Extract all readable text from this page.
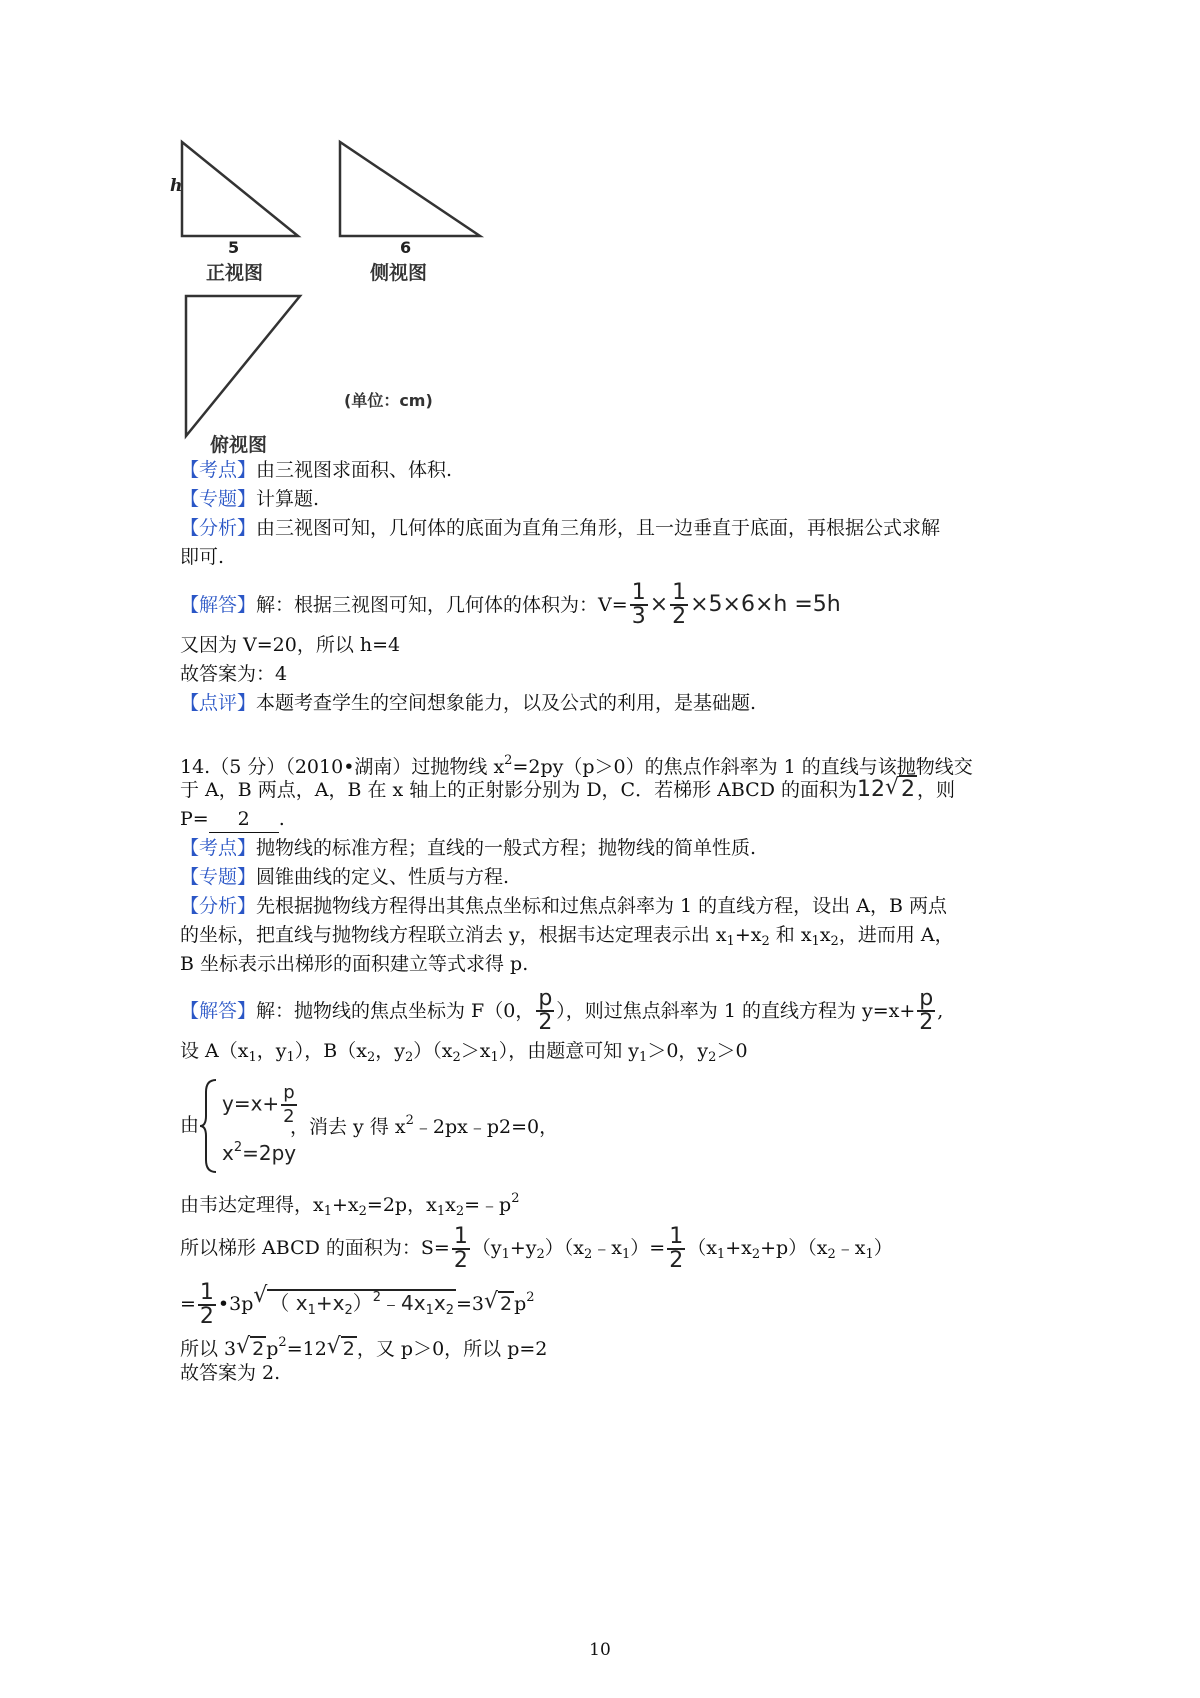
h
5	6
正视图	侧视图
(单位：cm)
俯视图
【考点】由三视图求面积、体积.
【专题】计算题.
【分析】由三视图可知，几何体的底面为直角三角形，且一边垂直于底面，再根据公式求解
即可.
【解答】解：根据三视图可知，几何体的体积为：$V= \frac{1}{3} \times \frac{1}{2} \times 5\times 6\times h =5h$
又因为 V=20，所以 h=4
故答案为：4
【点评】本题考查学生的空间想象能力，以及公式的利用，是基础题.
14.（5 分）（2010•湖南）过抛物线 $x^2=2py(p>0)$的焦点作斜率为 1 的直线与该抛物线交
于 A，B 两点，A，B 在 x 轴上的正射影分别为 D，C．若梯形 ABCD 的面积为12√ 2 ，则
P= 2 .
【考点】抛物线的标准方程；直线的一般式方程；抛物线的简单性质.
【专题】圆锥曲线的定义、性质与方程.
【分析】先根据抛物线方程得出其焦点坐标和过焦点斜率为 1 的直线方程，设出 A，B 两点
的坐标，把直线与抛物线方程联立消去 y，根据韦达定理表示出 $x_1+x_2$ 和 $x_1x_2$，进而用 A，
B 坐标表示出梯形的面积建立等式求得 p.
【解答】解：抛物线的焦点坐标为 F（0， $\frac{p}{2}$ ），则过焦点斜率为 1 的直线方程为 $y=x+ \frac{p}{2}$ ,
设 $A(x_1$，$y_1$），$B(x_2$，$y_2)(x_2>x_1)$，由题意可知 $y_1>0$，$y_2>0$
由
$y=x+ \frac{p}{2}$
$x^2=2py$
，消去 y 得 $x^2﹣2px﹣p2=0$，
由韦达定理得，$x_1+x_2=2p$，$x_1x_2=﹣p^2$
所以梯形 ABCD 的面积为：$S= \frac{1}{2}$ $(y_1+y_2)(x_2﹣x_1)= \frac{1}{2}$ $(x_1+x_2+p)(x_2﹣x_1)$
= $\frac{1}{2}$ •3p√ （ $x_1+x_2)^2﹣4x_1x_2 =3√$ 2 $p^2$
所以 3√ 2 $p^2=12√$ 2 ，又 p＞0，所以 p=2
故答案为 2.
10
